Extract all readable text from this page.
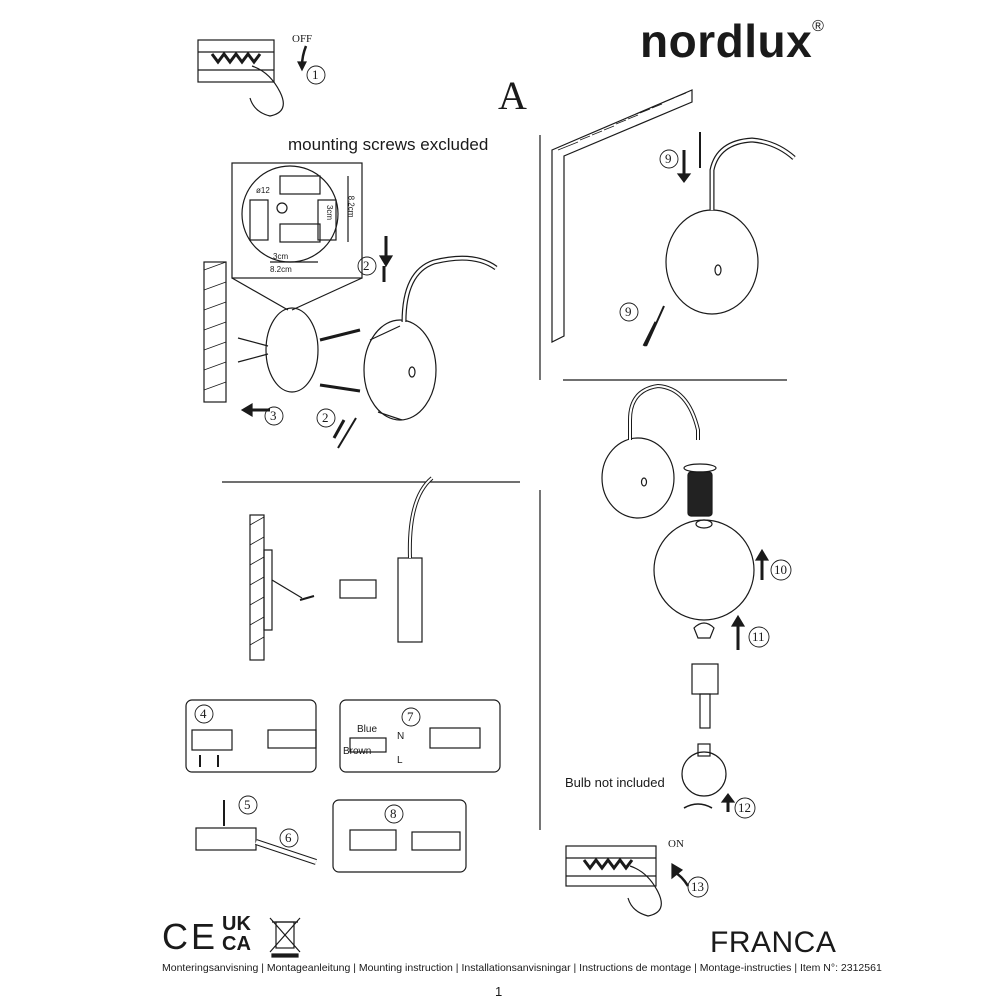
nordlux®
A
mounting screws excluded
Bulb not included
OFF
ON
ø12
3cm
8.2cm
3cm 8.2cm
Blue
Brown
N
L
1
2
2
3
4
5
6
7
8
9
9
10
11
12
13
CE UK
CA	FRANCA
Monteringsanvisning | Montageanleitung | Mounting instruction | Installationsanvisningar | Instructions de montage | Montage-instructies | Item N°: 2312561
1
